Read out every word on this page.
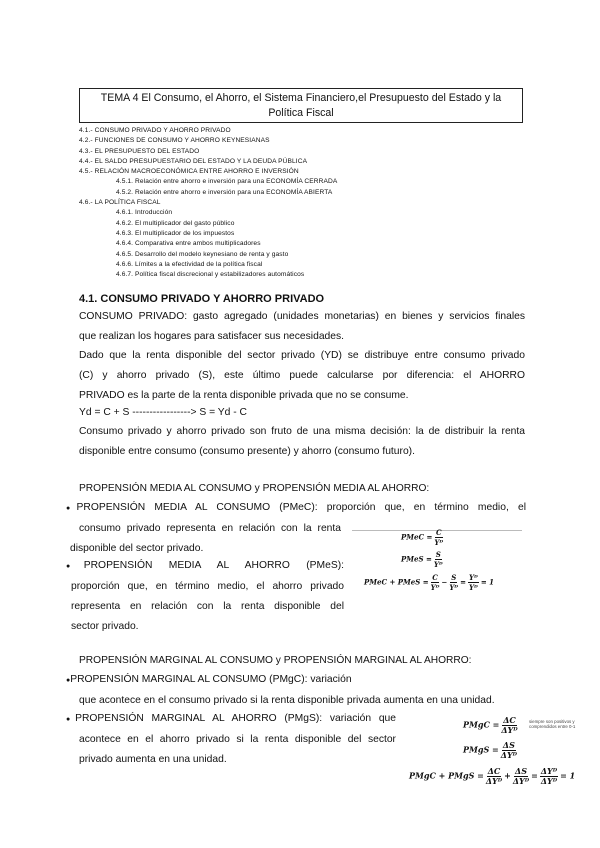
TEMA 4 El Consumo, el Ahorro, el Sistema Financiero,el Presupuesto del Estado y la
Política Fiscal
4.1.- CONSUMO PRIVADO Y AHORRO PRIVADO
4.2.- FUNCIONES DE CONSUMO Y AHORRO KEYNESIANAS
4.3.- EL PRESUPUESTO DEL ESTADO
4.4.- EL SALDO PRESUPUESTARIO DEL ESTADO Y LA DEUDA PÚBLICA
4.5.- RELACIÓN MACROECONÓMICA ENTRE AHORRO E INVERSIÓN
4.5.1. Relación entre ahorro e inversión para una ECONOMÍA CERRADA
4.5.2. Relación entre ahorro e inversión para una ECONOMÍA ABIERTA
4.6.- LA POLÍTICA FISCAL
4.6.1. Introducción
4.6.2. El multiplicador del gasto público
4.6.3. El multiplicador de los impuestos
4.6.4. Comparativa entre ambos multiplicadores
4.6.5. Desarrollo del modelo keynesiano de renta y gasto
4.6.6. Límites a la efectividad de la política fiscal
4.6.7. Política fiscal discrecional y estabilizadores automáticos
4.1. CONSUMO PRIVADO Y AHORRO PRIVADO
CONSUMO PRIVADO: gasto agregado (unidades monetarias) en bienes y servicios finales
que realizan los hogares para satisfacer sus necesidades.
Dado que la renta disponible del sector privado (YD) se distribuye entre consumo privado
(C) y ahorro privado (S), este último puede calcularse por diferencia: el AHORRO
PRIVADO es la parte de la renta disponible privada que no se consume.
Yd = C + S -----------------> S = Yd - C
Consumo privado y ahorro privado son fruto de una misma decisión: la de distribuir la renta
disponible entre consumo (consumo presente) y ahorro (consumo futuro).
PROPENSIÓN MEDIA AL CONSUMO y PROPENSIÓN MEDIA AL AHORRO:
●PROPENSIÓN MEDIA AL CONSUMO (PMeC): proporción que, en término medio, el
consumo privado representa en relación con la renta
disponible del sector privado.
●PROPENSIÓN MEDIA AL AHORRO (PMeS):
proporción que, en término medio, el ahorro privado
representa en relación con la renta disponible del
sector privado.
PMeC = $\frac{C}{\text{Yᴰ}}$
PMeS = $\frac{S}{\text{Yᴰ}}$
PMeC + PMeS = $\frac{C}{\text{Yᴰ}} - \frac{S}{\text{Yᴰ}} = \frac{\text{Yᴰ}}{\text{Yᴰ}} = 1$
PROPENSIÓN MARGINAL AL CONSUMO y PROPENSIÓN MARGINAL AL AHORRO:
●PROPENSIÓN MARGINAL AL CONSUMO (PMgC): variación
que acontece en el consumo privado si la renta disponible privada aumenta en una unidad.
●PROPENSIÓN MARGINAL AL AHORRO (PMgS): variación que
acontece en el ahorro privado si la renta disponible del sector
privado aumenta en una unidad.
PMgC = $\frac{\Delta C}{\text{ΔYᴰ}}$	siempre son positivos y comprendidos entre 0-1
PMgS = $\frac{\Delta S}{\text{ΔYᴰ}}$
PMgC + PMgS = $\frac{\Delta C}{\text{ΔYᴰ}} + \frac{\Delta S}{\text{ΔYᴰ}} = \frac{\text{ΔYᴰ}}{\text{ΔYᴰ}} = 1$
